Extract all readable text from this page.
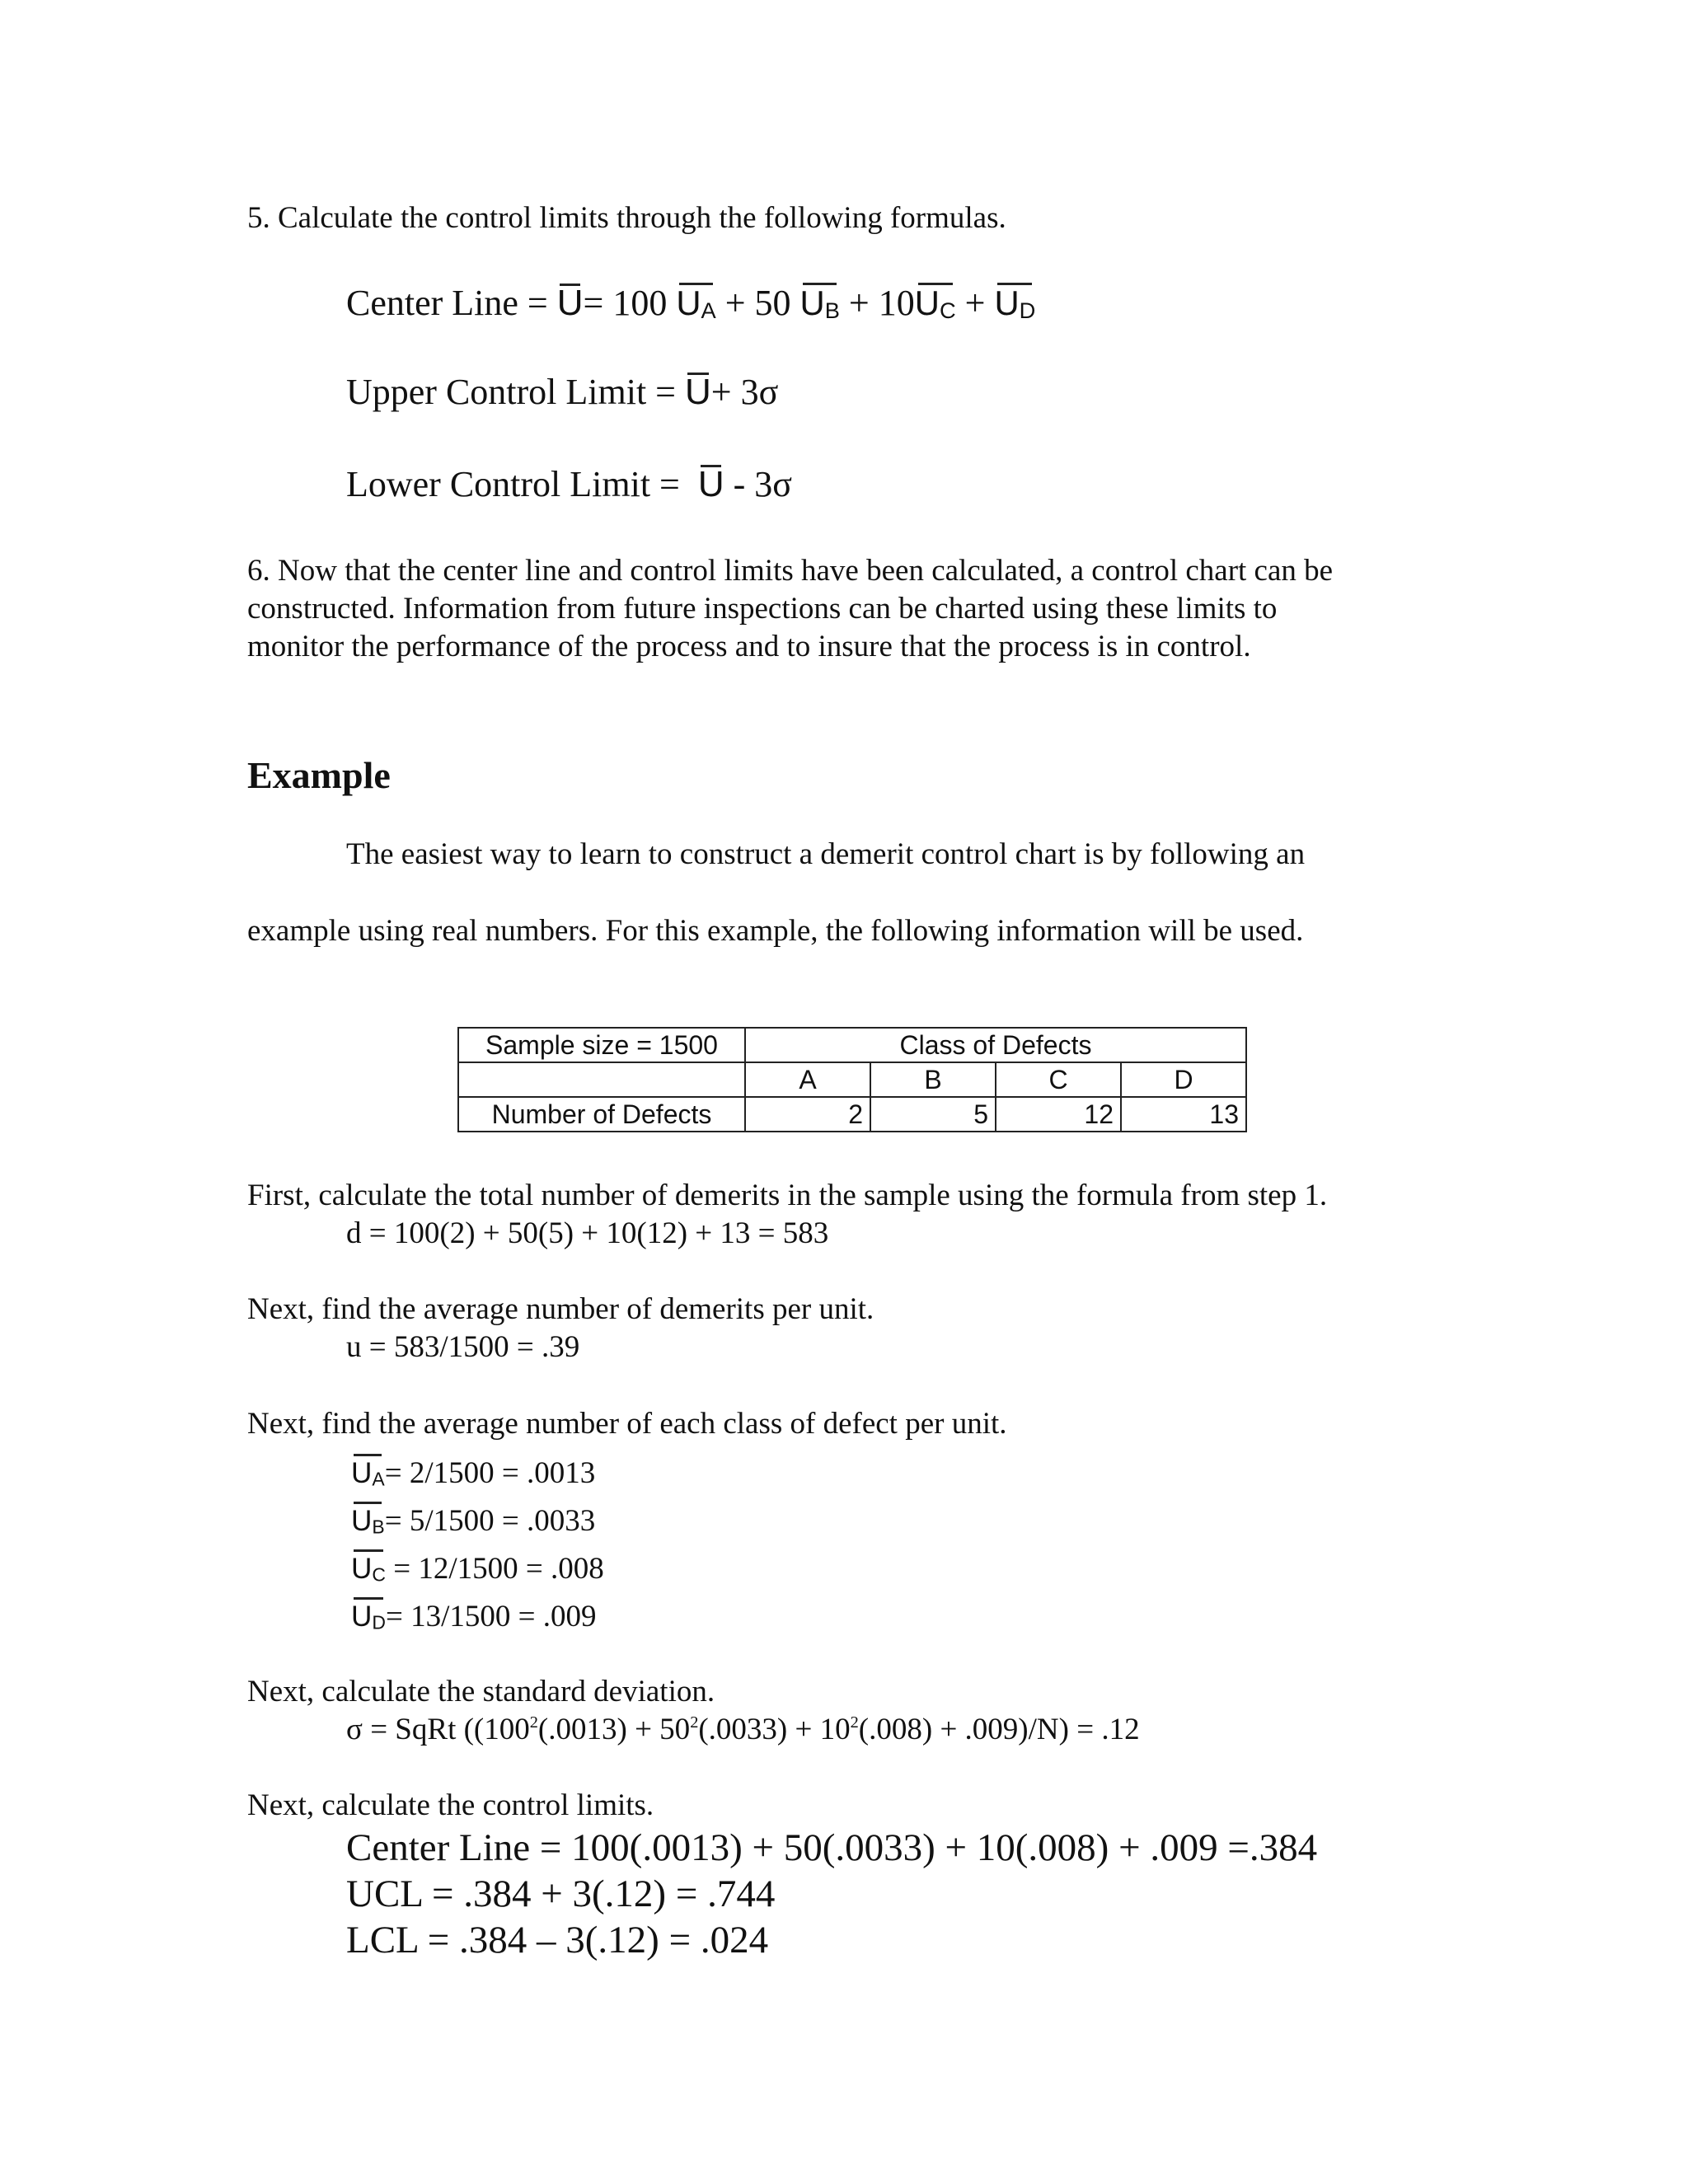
5. Calculate the control limits through the following formulas.
Center Line = U= 100 $U_A + 50$ $U_B + 10U_C + U_D$
Upper Control Limit = U+ 3σ
Lower Control Limit = U - 3σ
6. Now that the center line and control limits have been calculated, a control chart can be
constructed. Information from future inspections can be charted using these limits to
monitor the performance of the process and to insure that the process is in control.
Example
The easiest way to learn to construct a demerit control chart is by following an
example using real numbers. For this example, the following information will be used.
Sample size = 1500	Class of Defects			
	A	B	C	D
Number of Defects	2	5	12	13
First, calculate the total number of demerits in the sample using the formula from step 1.
d = 100(2) + 50(5) + 10(12) + 13 = 583
Next, find the average number of demerits per unit.
u = 583/1500 = .39
Next, find the average number of each class of defect per unit.
$U_A= 2/1500 = .0013$
$U_B= 5/1500 = .0033$
$U_C = 12/1500 = .008$
$U_D= 13/1500 = .009$
Next, calculate the standard deviation.
σ = SqRt $((100^2(.0013) + 50^2(.0033) + 10^2(.008) + .009)/N) = .12$
Next, calculate the control limits.
Center Line = 100(.0013) + 50(.0033) + 10(.008) + .009 =.384
UCL = .384 + 3(.12) = .744
LCL = .384 – 3(.12) = .024
